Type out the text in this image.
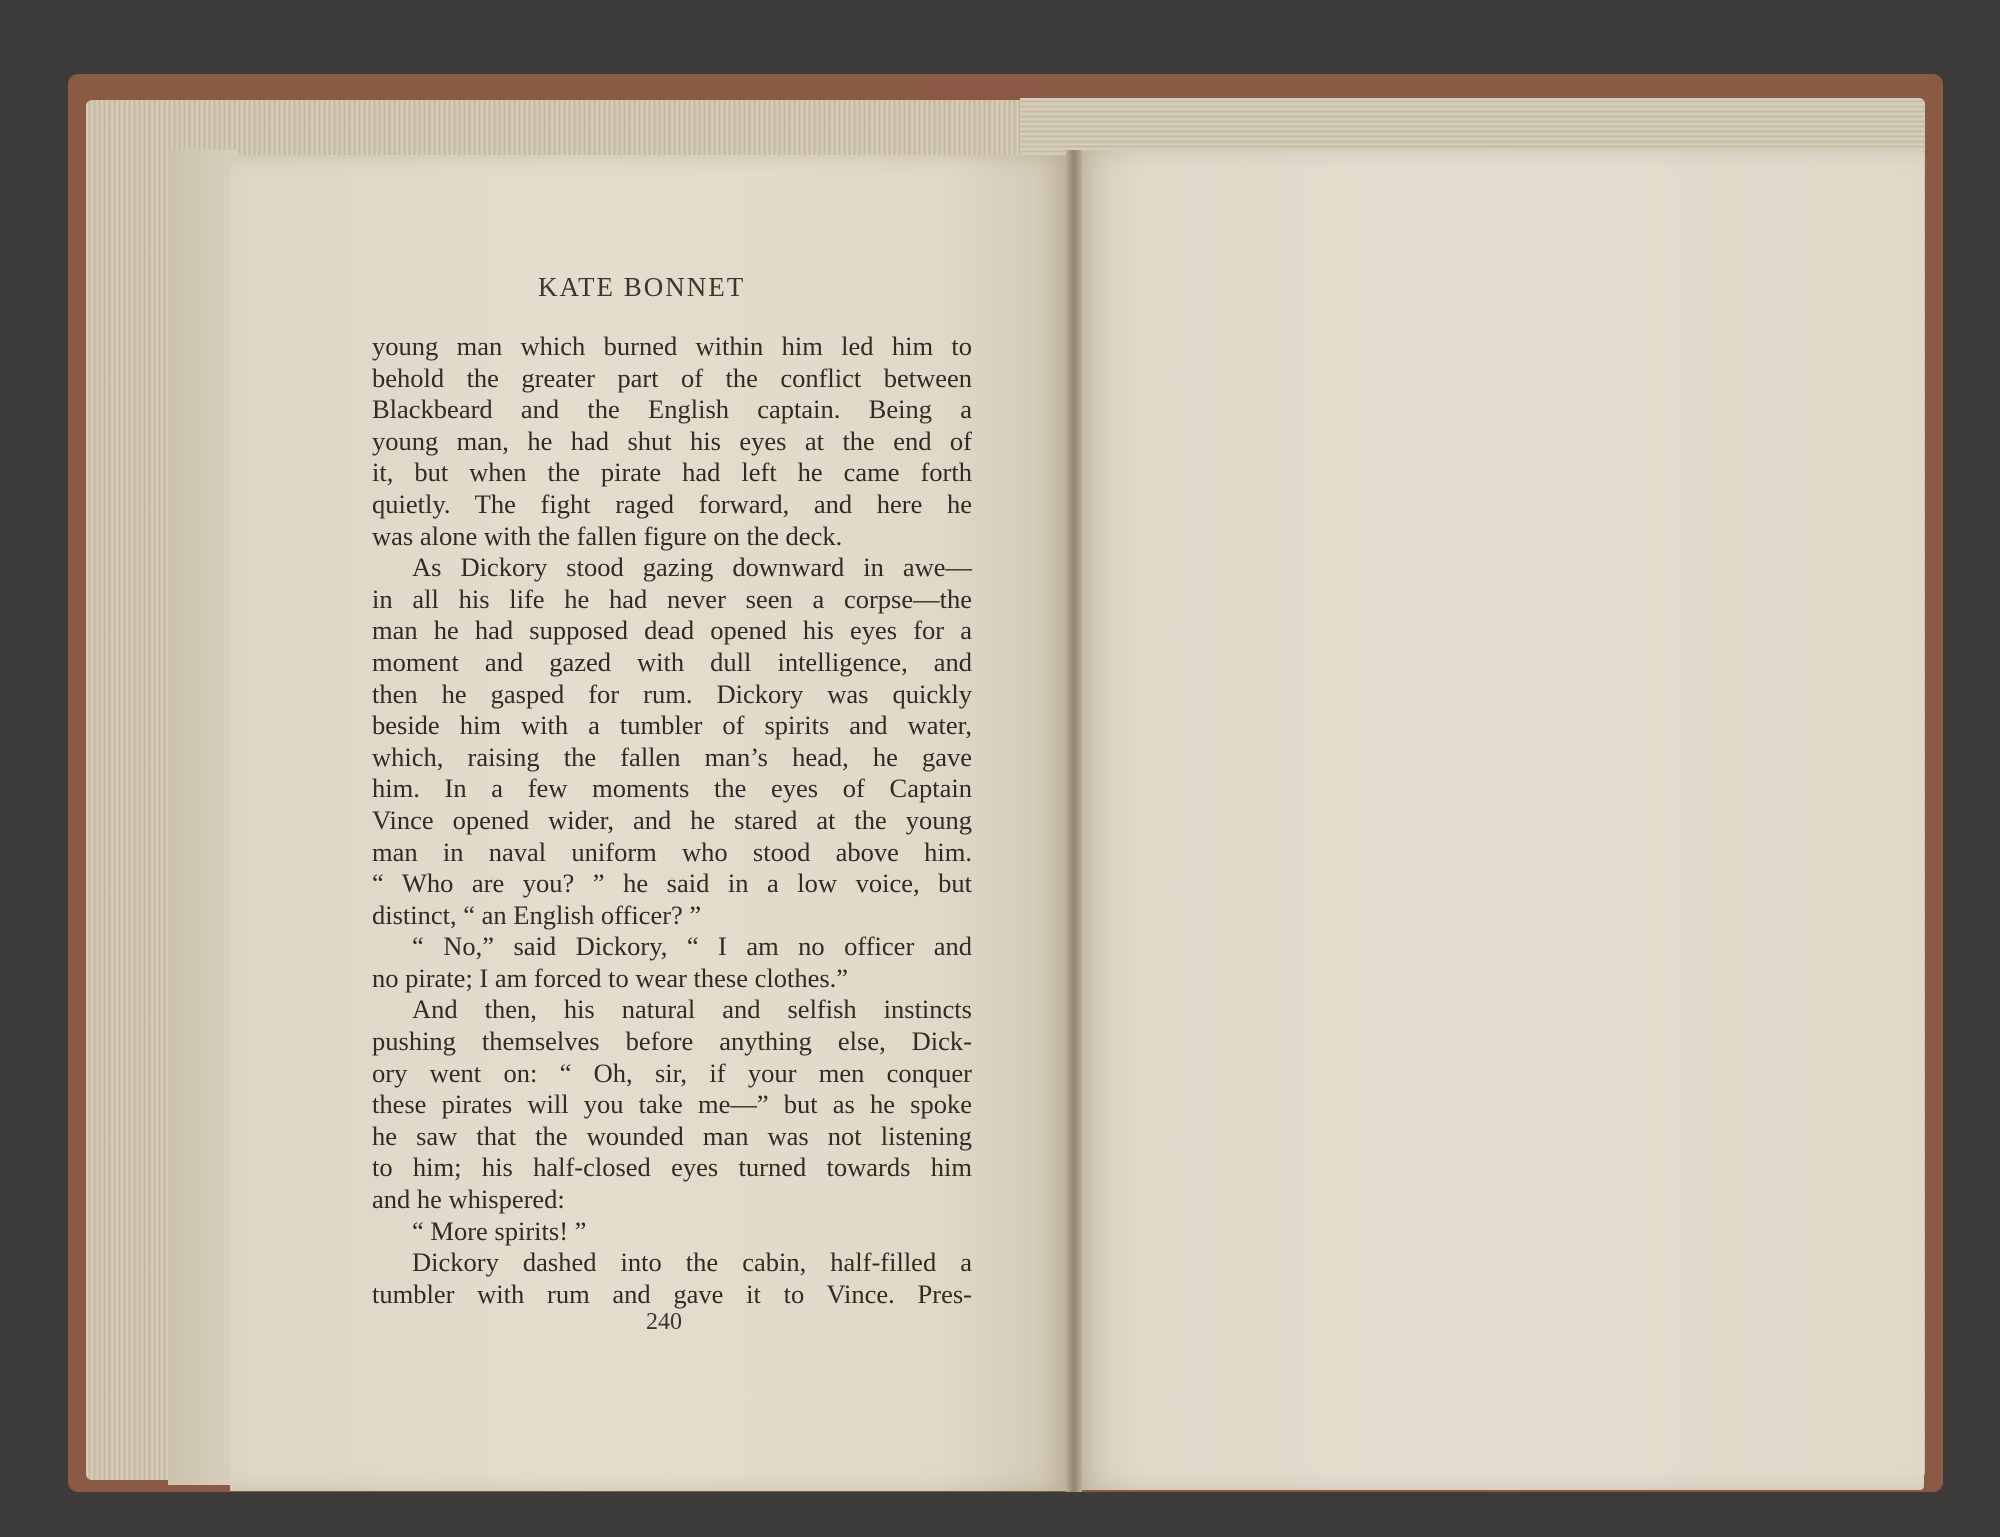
KATE BONNET
young man which burned within him led him to
behold the greater part of the conflict between
Blackbeard and the English captain. Being a
young man, he had shut his eyes at the end of
it, but when the pirate had left he came forth
quietly. The fight raged forward, and here he
was alone with the fallen figure on the deck.
As Dickory stood gazing downward in awe—
in all his life he had never seen a corpse—the
man he had supposed dead opened his eyes for a
moment and gazed with dull intelligence, and
then he gasped for rum. Dickory was quickly
beside him with a tumbler of spirits and water,
which, raising the fallen man’s head, he gave
him. In a few moments the eyes of Captain
Vince opened wider, and he stared at the young
man in naval uniform who stood above him.
“ Who are you? ” he said in a low voice, but
distinct, “ an English officer? ”
“ No,” said Dickory, “ I am no officer and
no pirate; I am forced to wear these clothes.”
And then, his natural and selfish instincts
pushing themselves before anything else, Dick-
ory went on: “ Oh, sir, if your men conquer
these pirates will you take me—” but as he spoke
he saw that the wounded man was not listening
to him; his half-closed eyes turned towards him
and he whispered:
“ More spirits! ”
Dickory dashed into the cabin, half-filled a
tumbler with rum and gave it to Vince. Pres-
240
